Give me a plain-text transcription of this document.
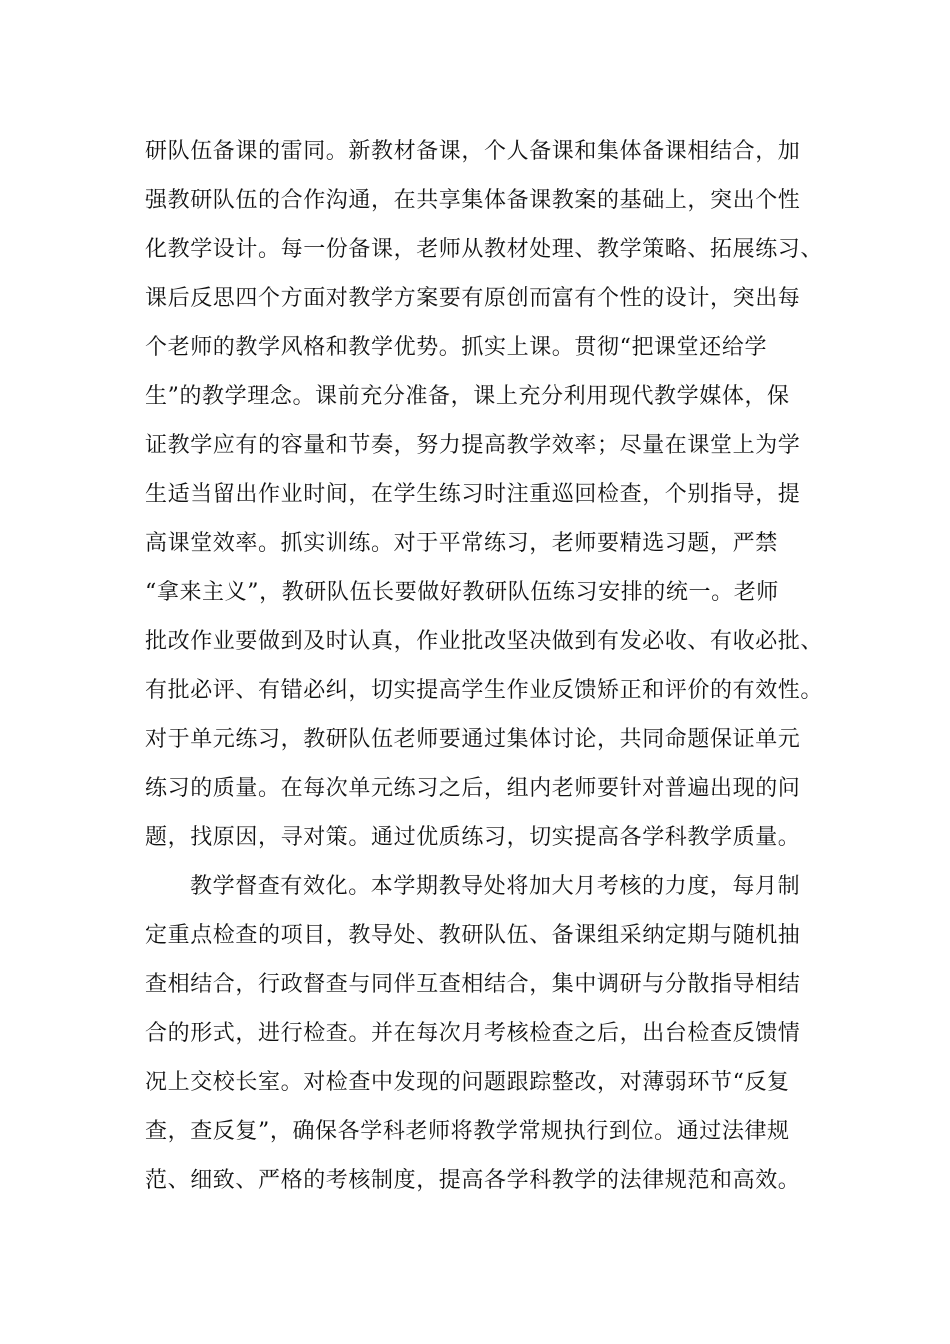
研队伍备课的雷同。新教材备课，个人备课和集体备课相结合，加
强教研队伍的合作沟通，在共享集体备课教案的基础上，突出个性
化教学设计。每一份备课，老师从教材处理、教学策略、拓展练习、
课后反思四个方面对教学方案要有原创而富有个性的设计，突出每
个老师的教学风格和教学优势。抓实上课。贯彻“把课堂还给学
生”的教学理念。课前充分准备，课上充分利用现代教学媒体，保
证教学应有的容量和节奏，努力提高教学效率；尽量在课堂上为学
生适当留出作业时间，在学生练习时注重巡回检查，个别指导，提
高课堂效率。抓实训练。对于平常练习，老师要精选习题，严禁
“拿来主义”，教研队伍长要做好教研队伍练习安排的统一。老师
批改作业要做到及时认真，作业批改坚决做到有发必收、有收必批、
有批必评、有错必纠，切实提高学生作业反馈矫正和评价的有效性。
对于单元练习，教研队伍老师要通过集体讨论，共同命题保证单元
练习的质量。在每次单元练习之后，组内老师要针对普遍出现的问
题，找原因，寻对策。通过优质练习，切实提高各学科教学质量。
教学督查有效化。本学期教导处将加大月考核的力度，每月制
定重点检查的项目，教导处、教研队伍、备课组采纳定期与随机抽
查相结合，行政督查与同伴互查相结合，集中调研与分散指导相结
合的形式，进行检查。并在每次月考核检查之后，出台检查反馈情
况上交校长室。对检查中发现的问题跟踪整改，对薄弱环节“反复
查，查反复”，确保各学科老师将教学常规执行到位。通过法律规
范、细致、严格的考核制度，提高各学科教学的法律规范和高效。
